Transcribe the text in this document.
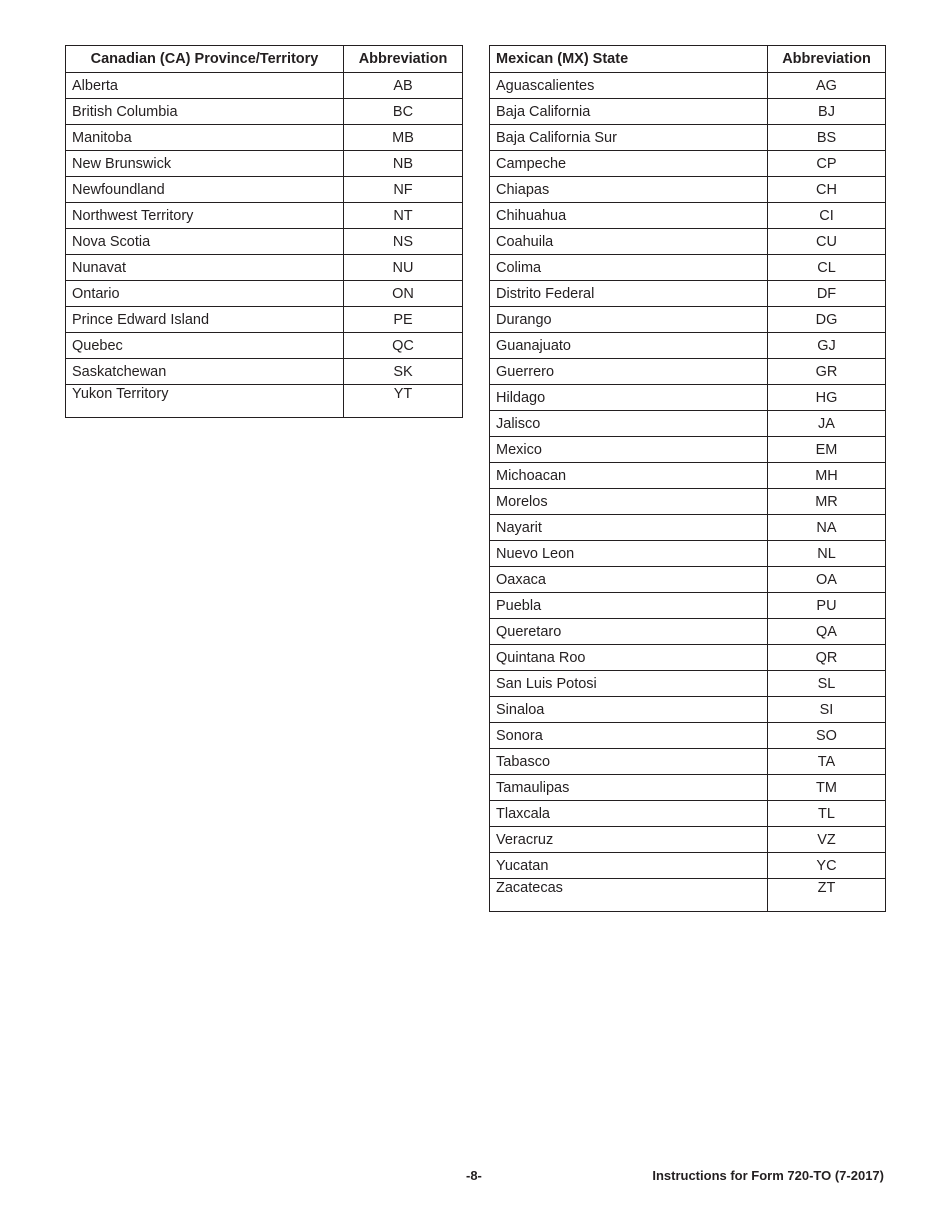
Canadian (CA) Province/Territory	Abbreviation
Alberta	AB
British Columbia	BC
Manitoba	MB
New Brunswick	NB
Newfoundland	NF
Northwest Territory	NT
Nova Scotia	NS
Nunavat	NU
Ontario	ON
Prince Edward Island	PE
Quebec	QC
Saskatchewan	SK
Yukon Territory	YT
Mexican (MX) State	Abbreviation
Aguascalientes	AG
Baja California	BJ
Baja California Sur	BS
Campeche	CP
Chiapas	CH
Chihuahua	CI
Coahuila	CU
Colima	CL
Distrito Federal	DF
Durango	DG
Guanajuato	GJ
Guerrero	GR
Hildago	HG
Jalisco	JA
Mexico	EM
Michoacan	MH
Morelos	MR
Nayarit	NA
Nuevo Leon	NL
Oaxaca	OA
Puebla	PU
Queretaro	QA
Quintana Roo	QR
San Luis Potosi	SL
Sinaloa	SI
Sonora	SO
Tabasco	TA
Tamaulipas	TM
Tlaxcala	TL
Veracruz	VZ
Yucatan	YC
Zacatecas	ZT
-8-	Instructions for Form 720-TO (7-2017)
